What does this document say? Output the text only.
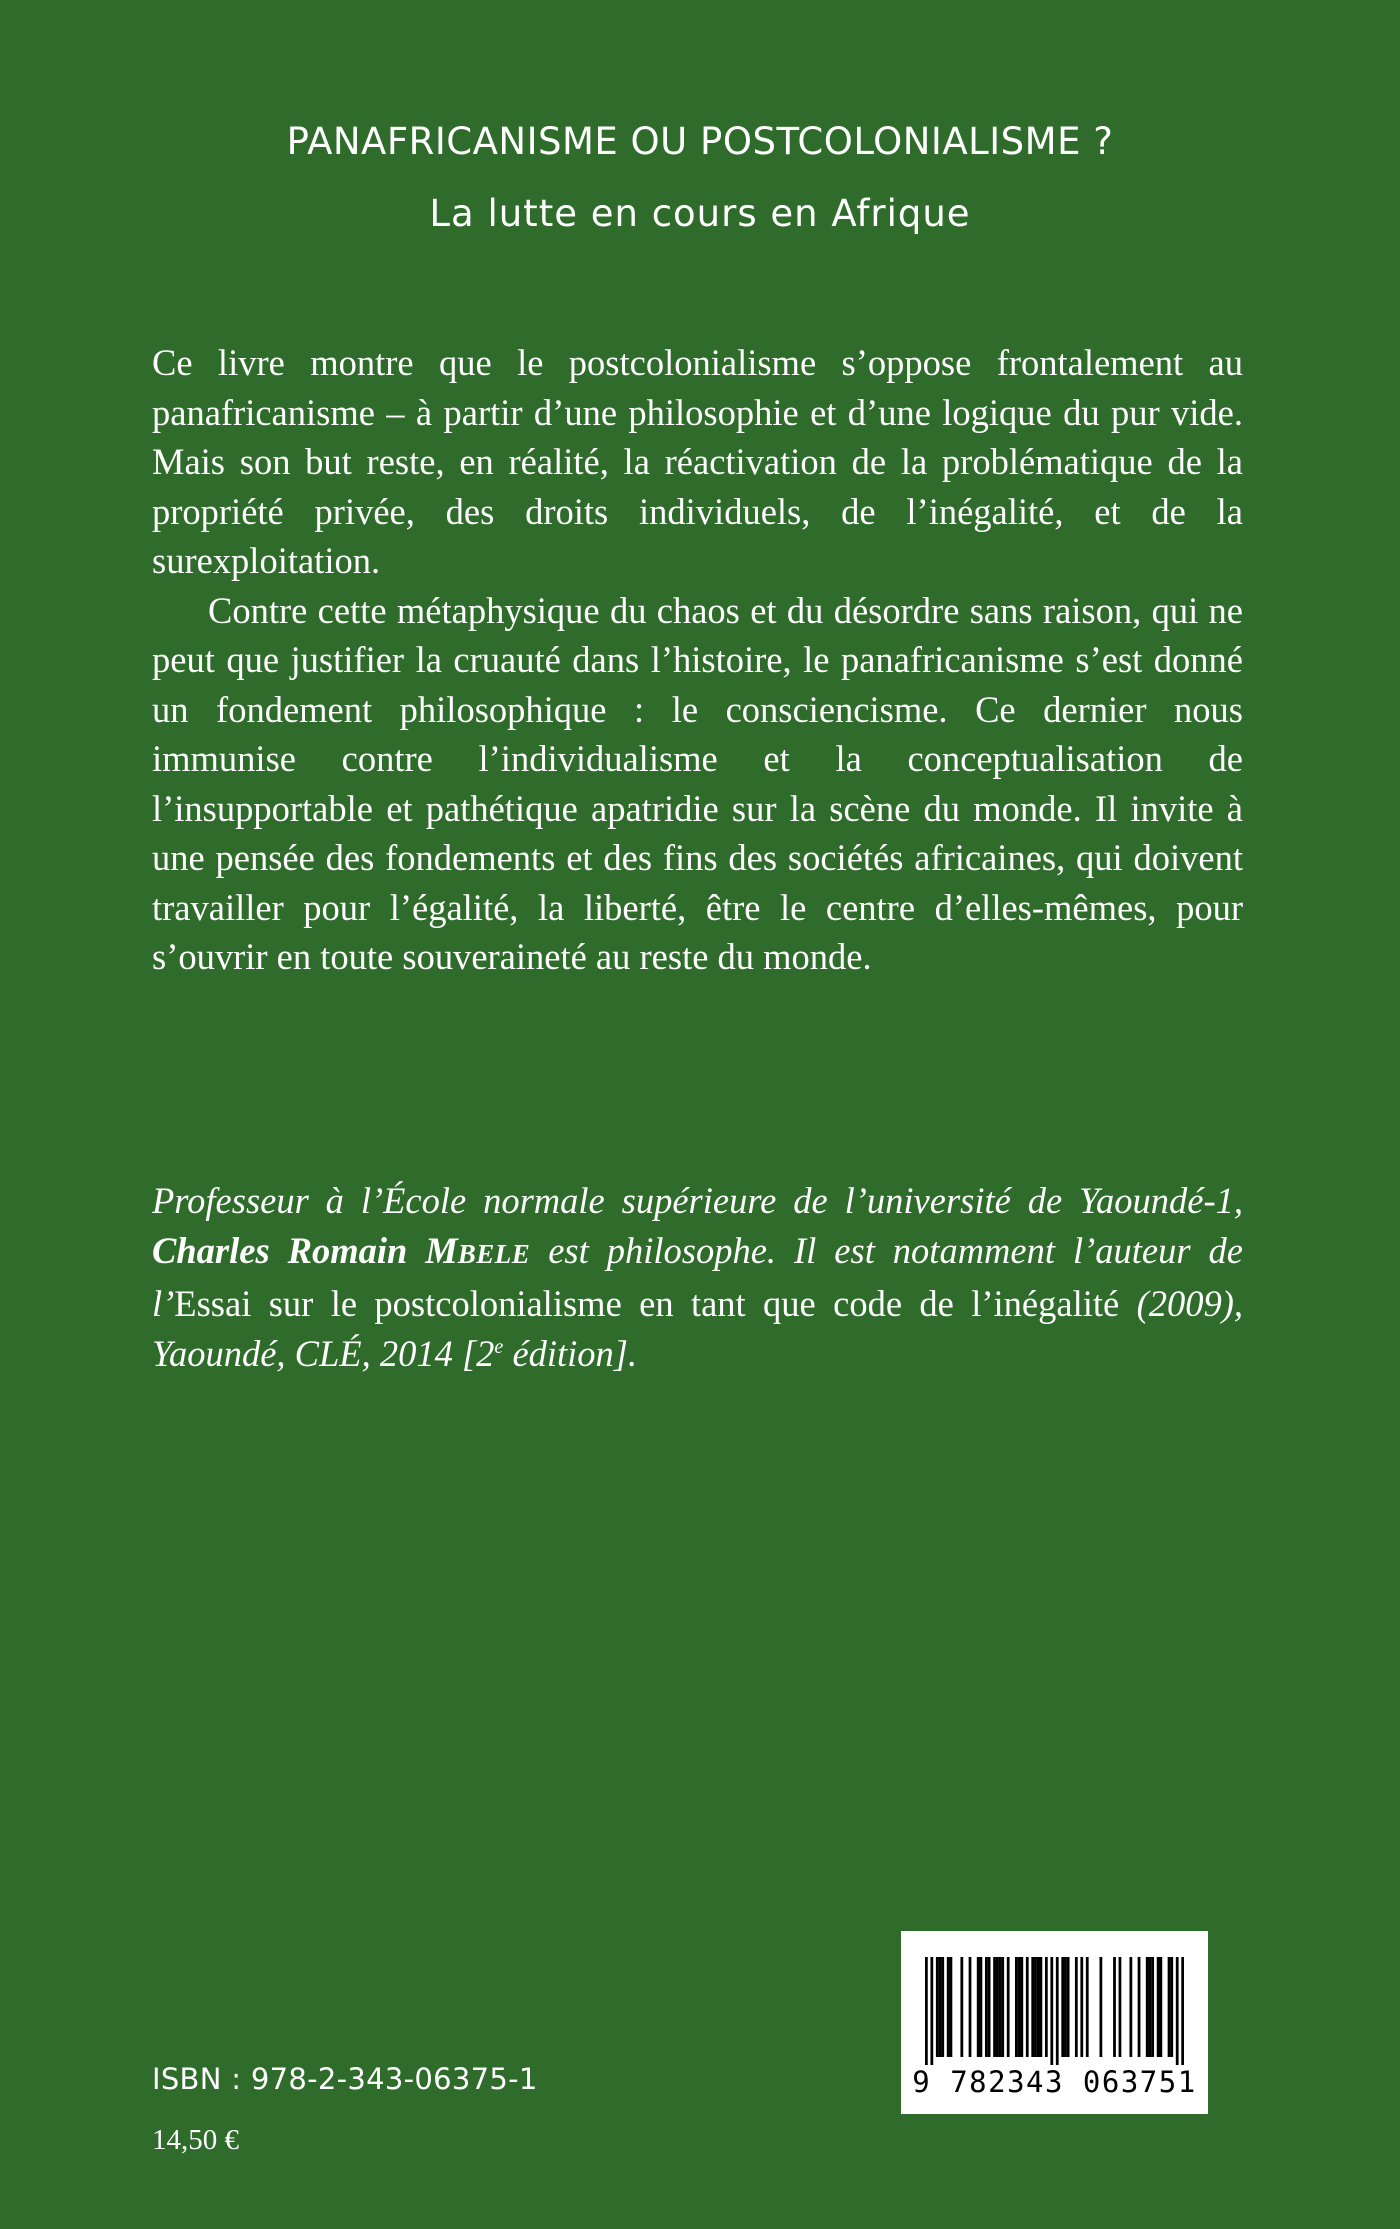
PANAFRICANISME OU POSTCOLONIALISME ?
La lutte en cours en Afrique

Ce livre montre que le postcolonialisme s’oppose frontalement au panafricanisme – à partir d’une philosophie et d’une logique du pur vide. Mais son but reste, en réalité, la réactivation de la problématique de la propriété privée, des droits individuels, de l’inégalité, et de la surexploitation.

Contre cette métaphysique du chaos et du désordre sans raison, qui ne peut que justifier la cruauté dans l’histoire, le panafricanisme s’est donné un fondement philosophique : le consciencisme. Ce dernier nous immunise contre l’individualisme et la conceptualisation de l’insupportable et pathétique apatridie sur la scène du monde. Il invite à une pensée des fondements et des fins des sociétés africaines, qui doivent travailler pour l’égalité, la liberté, être le centre d’elles-mêmes, pour s’ouvrir en toute souveraineté au reste du monde.

Professeur à l’École normale supérieure de l’université de Yaoundé-1, Charles Romain MBELE est philosophe. Il est notamment l’auteur de l’Essai sur le postcolonialisme en tant que code de l’inégalité (2009), Yaoundé, CLÉ, 2014 [2e édition].

ISBN : 978-2-343-06375-1
14,50 €
9 782343 063751
